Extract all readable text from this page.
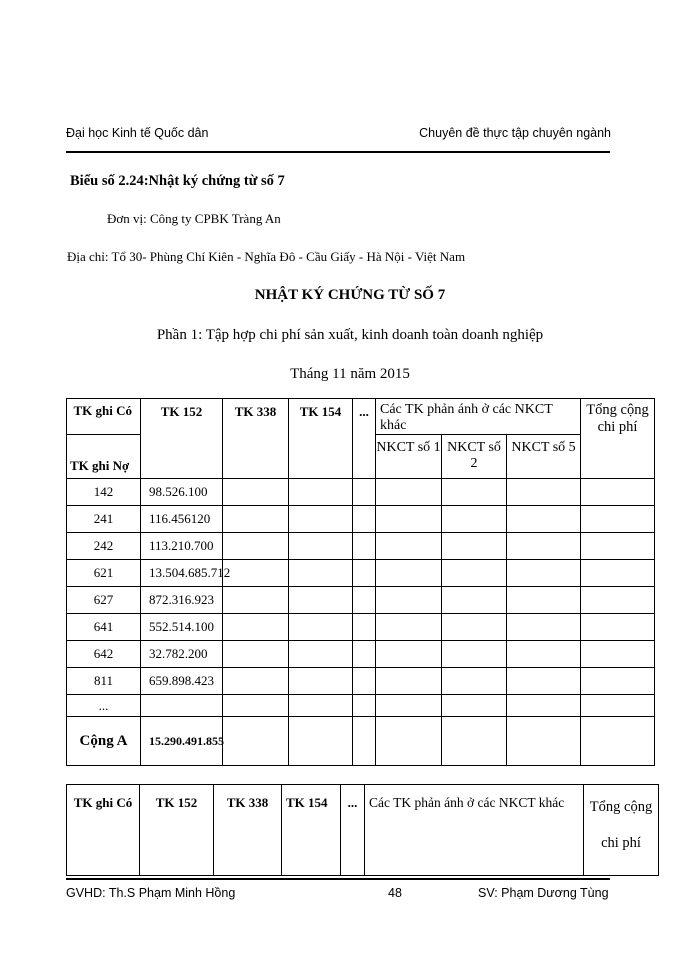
Đại học Kinh tế Quốc dân	Chuyên đề thực tập chuyên ngành
Biểu số 2.24:Nhật ký chứng từ số 7
Đơn vị: Công ty CPBK Tràng An
Địa chỉ: Tổ 30- Phùng Chí Kiên - Nghĩa Đô - Cầu Giấy - Hà Nội - Việt Nam
NHẬT KÝ CHỨNG TỪ SỐ 7
Phần 1: Tập hợp chi phí sản xuất, kinh doanh toàn doanh nghiệp
Tháng 11 năm 2015
TK ghi Có	TK 152	TK 338	TK 154	...	Các TK phản ánh ở các NKCT khác			Tổng cộng chi phí
TK ghi Nợ					NKCT số 1	NKCT số 2	NKCT số 5	
142	98.526.100							
241	116.456120							
242	113.210.700							
621	13.504.685.712							
627	872.316.923							
641	552.514.100							
642	32.782.200							
811	659.898.423							
...								
Cộng A	15.290.491.855							
TK ghi Có	TK 152	TK 338	TK 154	...	Các TK phản ánh ở các NKCT khác	Tổng cộng chi phí
GVHD: Th.S Phạm Minh Hồng	48	SV: Phạm Dương Tùng
